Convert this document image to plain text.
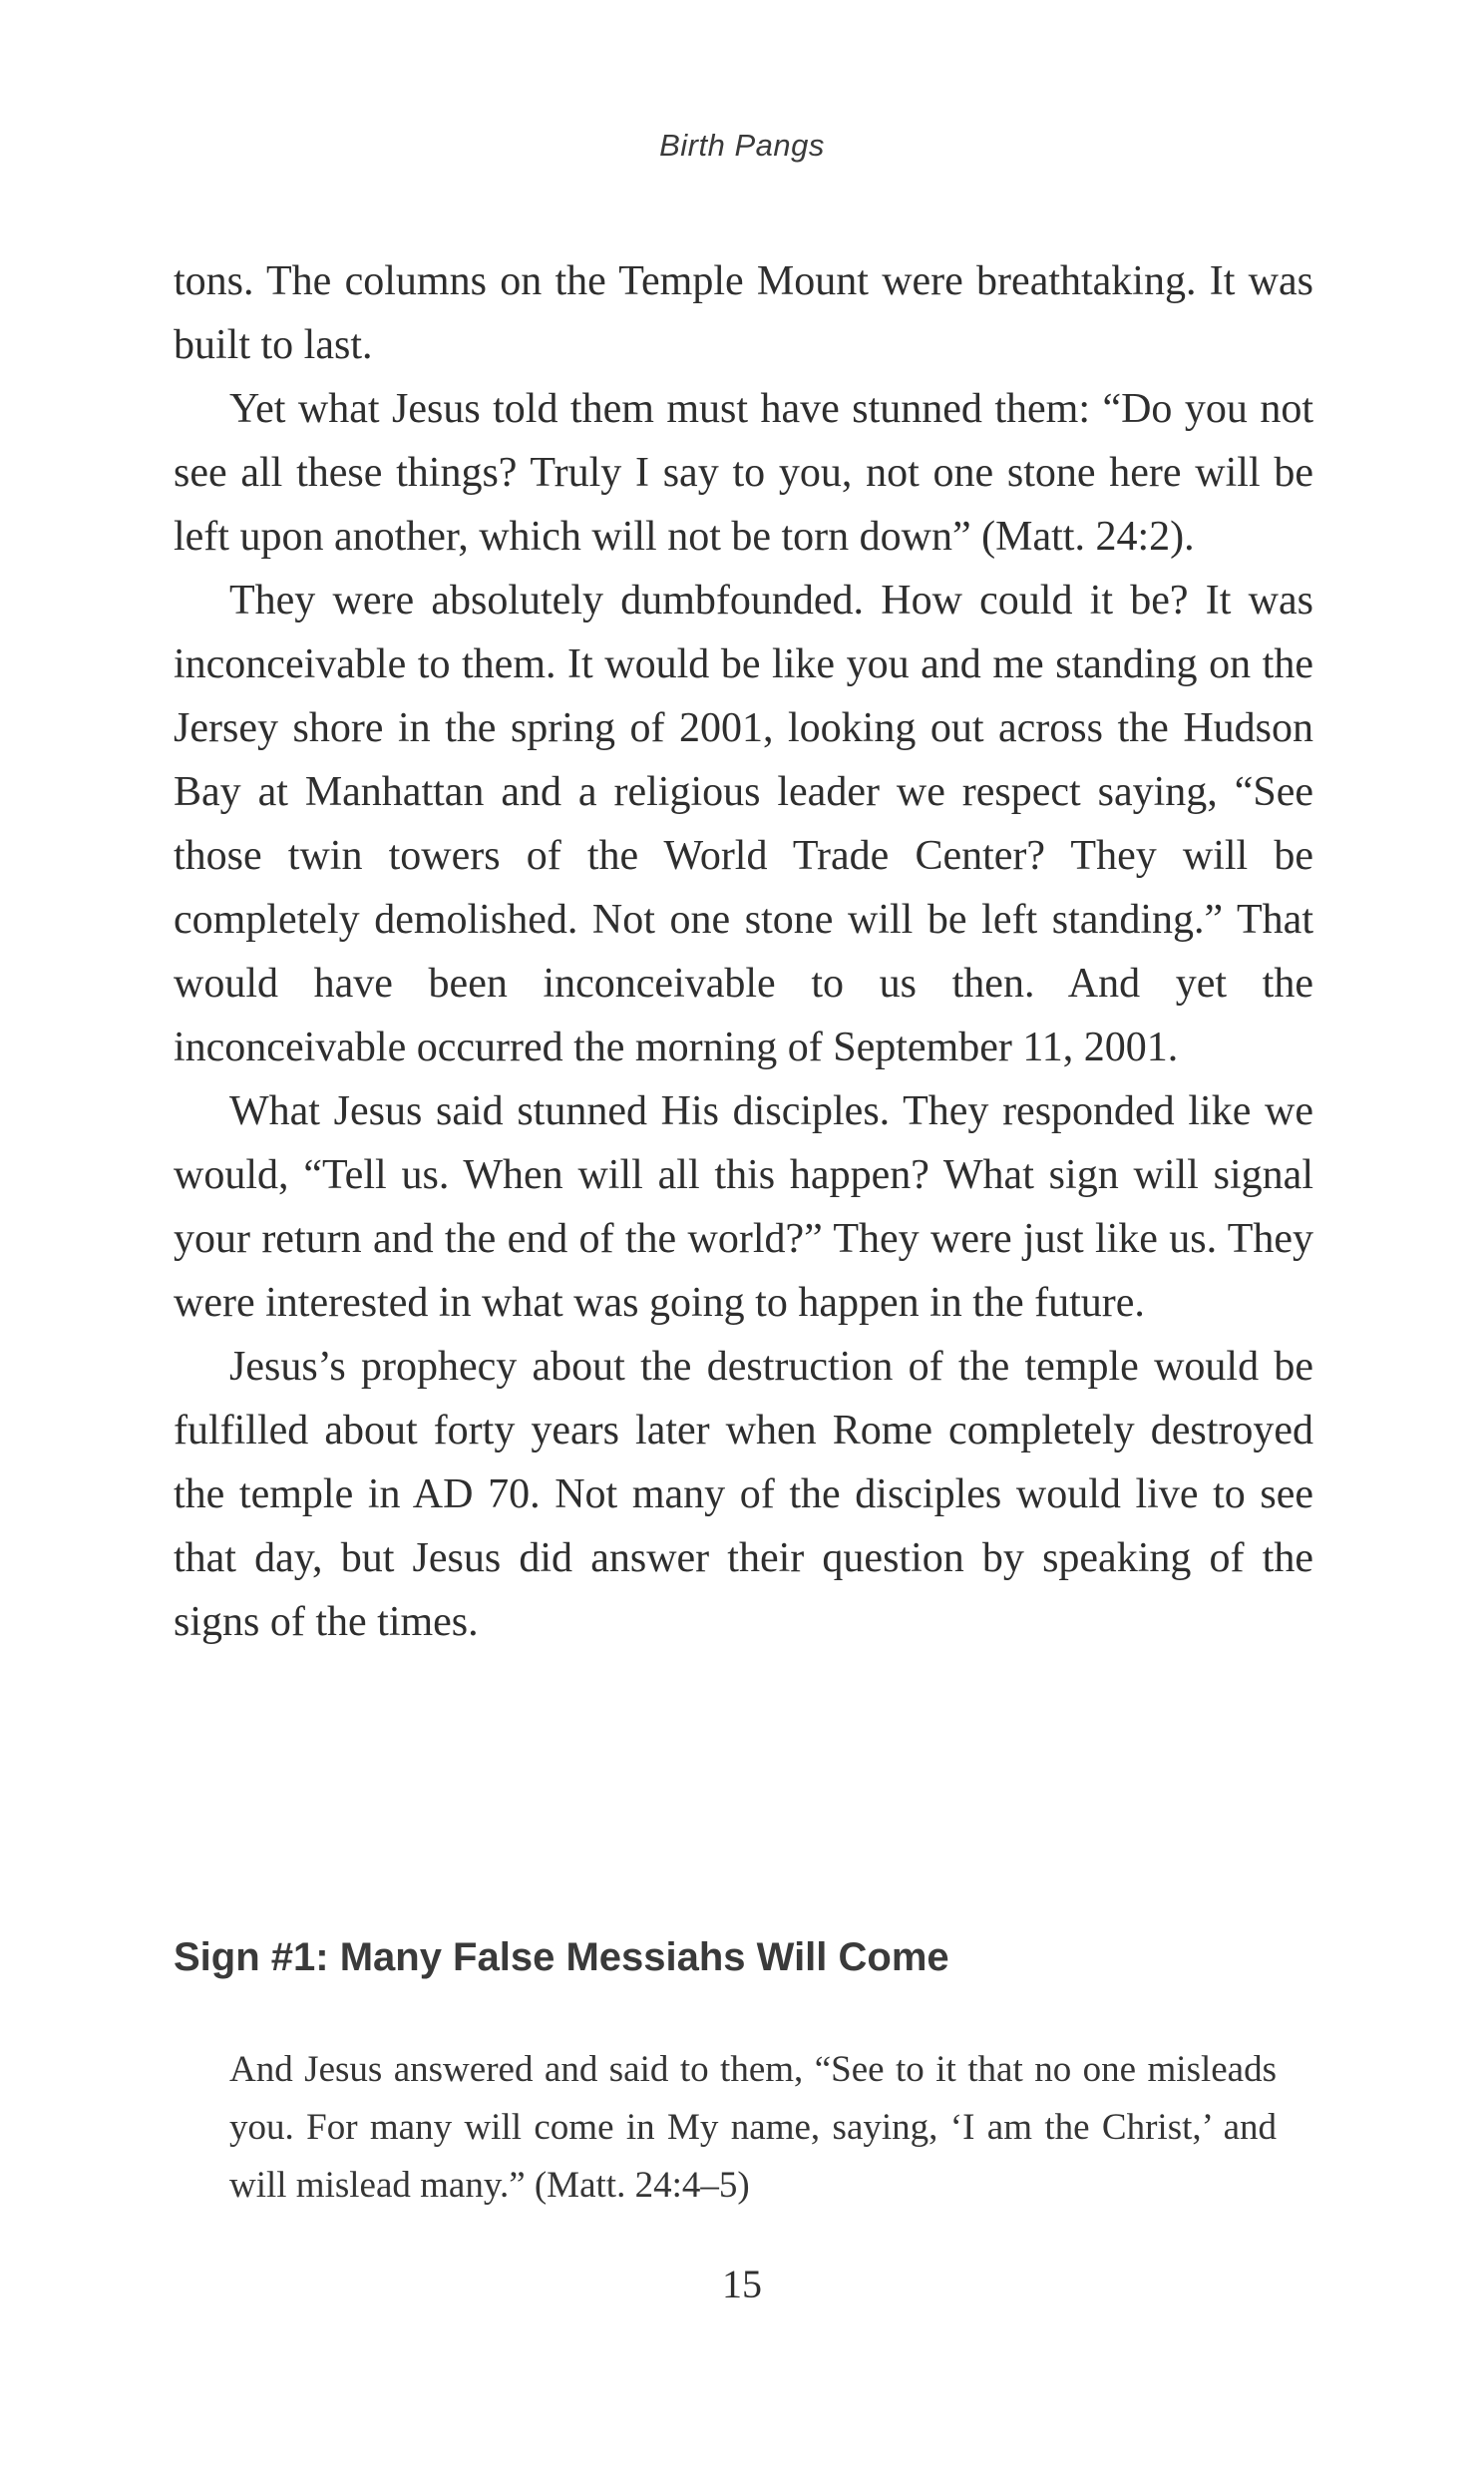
Birth Pangs

tons. The columns on the Temple Mount were breathtaking. It was built to last.

Yet what Jesus told them must have stunned them: “Do you not see all these things? Truly I say to you, not one stone here will be left upon another, which will not be torn down” (Matt. 24:2).

They were absolutely dumbfounded. How could it be? It was inconceivable to them. It would be like you and me standing on the Jersey shore in the spring of 2001, looking out across the Hudson Bay at Manhattan and a religious leader we respect saying, “See those twin towers of the World Trade Center? They will be completely demolished. Not one stone will be left standing.” That would have been inconceivable to us then. And yet the inconceivable occurred the morning of September 11, 2001.

What Jesus said stunned His disciples. They responded like we would, “Tell us. When will all this happen? What sign will signal your return and the end of the world?” They were just like us. They were interested in what was going to happen in the future.

Jesus’s prophecy about the destruction of the temple would be fulfilled about forty years later when Rome completely destroyed the temple in AD 70. Not many of the disciples would live to see that day, but Jesus did answer their question by speaking of the signs of the times.

Sign #1: Many False Messiahs Will Come

And Jesus answered and said to them, “See to it that no one misleads you. For many will come in My name, saying, ‘I am the Christ,’ and will mislead many.” (Matt. 24:4–5)

15
